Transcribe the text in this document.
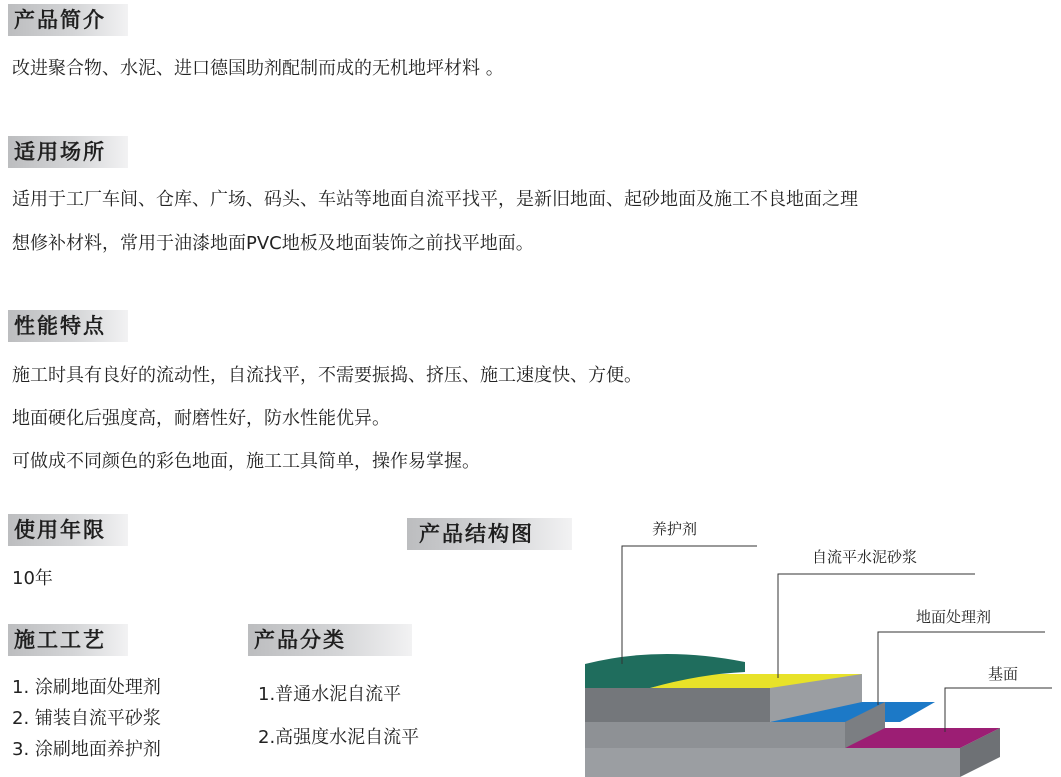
产品简介
改进聚合物、水泥、进口德国助剂配制而成的无机地坪材料 。
适用场所
适用于工厂车间、仓库、广场、码头、车站等地面自流平找平，是新旧地面、起砂地面及施工不良地面之理
想修补材料，常用于油漆地面PVC地板及地面装饰之前找平地面。
性能特点
施工时具有良好的流动性，自流找平，不需要振捣、挤压、施工速度快、方便。
地面硬化后强度高，耐磨性好，防水性能优异。
可做成不同颜色的彩色地面，施工工具简单，操作易掌握。
使用年限
10年
施工工艺
1. 涂刷地面处理剂
2. 铺装自流平砂浆
3. 涂刷地面养护剂
产品分类
1.普通水泥自流平
2.高强度水泥自流平
产品结构图	养护剂
自流平水泥砂浆
地面处理剂
基面
